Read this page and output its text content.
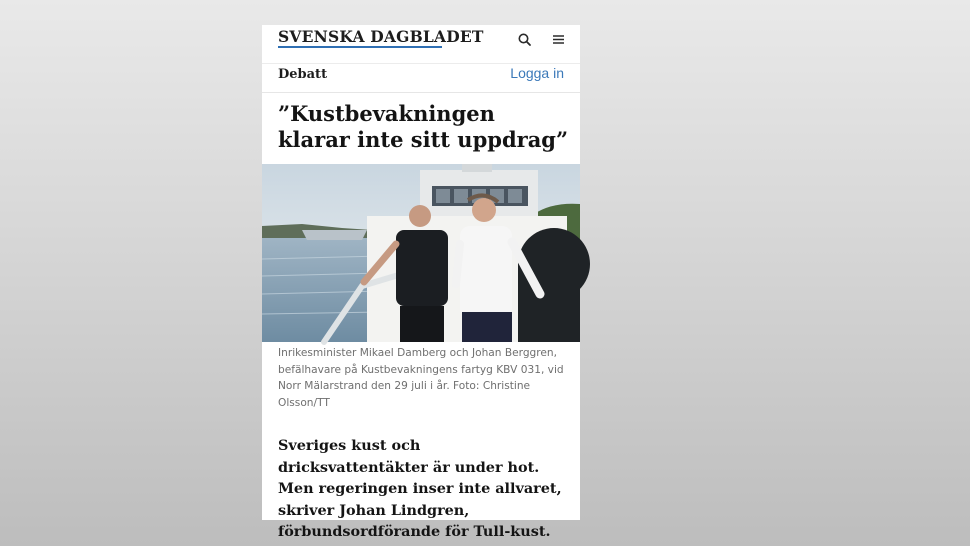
SVENSKA DAGBLADET
Debatt	Logga in
”Kustbevakningen klarar inte sitt uppdrag”
Inrikesminister Mikael Damberg och Johan Berggren, befälhavare på Kustbevakningens fartyg KBV 031, vid Norr Mälarstrand den 29 juli i år. Foto: Christine Olsson/TT
Sveriges kust och dricksvattentäkter är under hot. Men regeringen inser inte allvaret, skriver Johan Lindgren, förbundsordförande för Tull-kust.
